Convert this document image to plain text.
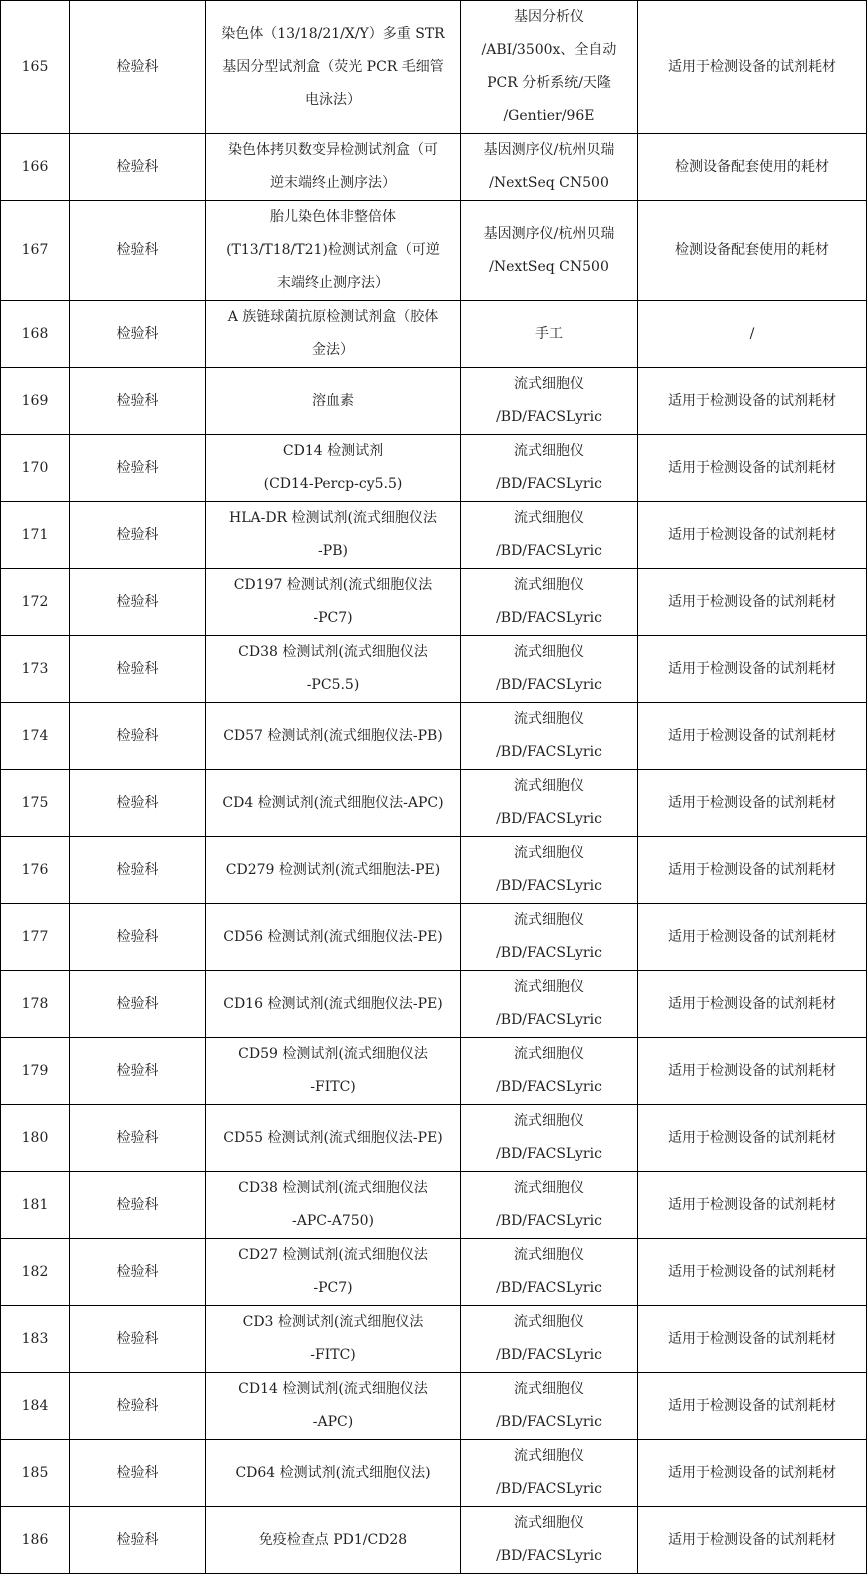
165	检验科	染色体（13/18/21/X/Y）多重 STR
基因分型试剂盒（荧光 PCR 毛细管
电泳法）	基因分析仪
/ABI/3500x、全自动
PCR 分析系统/天隆
/Gentier/96E	适用于检测设备的试剂耗材
166	检验科	染色体拷贝数变异检测试剂盒（可
逆末端终止测序法）	基因测序仪/杭州贝瑞
/NextSeq CN500	检测设备配套使用的耗材
167	检验科	胎儿染色体非整倍体
(T13/T18/T21)检测试剂盒（可逆
末端终止测序法）	基因测序仪/杭州贝瑞
/NextSeq CN500	检测设备配套使用的耗材
168	检验科	A 族链球菌抗原检测试剂盒（胶体
金法）	手工	/
169	检验科	溶血素	流式细胞仪
/BD/FACSLyric	适用于检测设备的试剂耗材
170	检验科	CD14 检测试剂
(CD14-Percp-cy5.5)	流式细胞仪
/BD/FACSLyric	适用于检测设备的试剂耗材
171	检验科	HLA-DR 检测试剂(流式细胞仪法
-PB)	流式细胞仪
/BD/FACSLyric	适用于检测设备的试剂耗材
172	检验科	CD197 检测试剂(流式细胞仪法
-PC7)	流式细胞仪
/BD/FACSLyric	适用于检测设备的试剂耗材
173	检验科	CD38 检测试剂(流式细胞仪法
-PC5.5)	流式细胞仪
/BD/FACSLyric	适用于检测设备的试剂耗材
174	检验科	CD57 检测试剂(流式细胞仪法-PB)	流式细胞仪
/BD/FACSLyric	适用于检测设备的试剂耗材
175	检验科	CD4 检测试剂(流式细胞仪法-APC)	流式细胞仪
/BD/FACSLyric	适用于检测设备的试剂耗材
176	检验科	CD279 检测试剂(流式细胞法-PE)	流式细胞仪
/BD/FACSLyric	适用于检测设备的试剂耗材
177	检验科	CD56 检测试剂(流式细胞仪法-PE)	流式细胞仪
/BD/FACSLyric	适用于检测设备的试剂耗材
178	检验科	CD16 检测试剂(流式细胞仪法-PE)	流式细胞仪
/BD/FACSLyric	适用于检测设备的试剂耗材
179	检验科	CD59 检测试剂(流式细胞仪法
-FITC)	流式细胞仪
/BD/FACSLyric	适用于检测设备的试剂耗材
180	检验科	CD55 检测试剂(流式细胞仪法-PE)	流式细胞仪
/BD/FACSLyric	适用于检测设备的试剂耗材
181	检验科	CD38 检测试剂(流式细胞仪法
-APC-A750)	流式细胞仪
/BD/FACSLyric	适用于检测设备的试剂耗材
182	检验科	CD27 检测试剂(流式细胞仪法
-PC7)	流式细胞仪
/BD/FACSLyric	适用于检测设备的试剂耗材
183	检验科	CD3 检测试剂(流式细胞仪法
-FITC)	流式细胞仪
/BD/FACSLyric	适用于检测设备的试剂耗材
184	检验科	CD14 检测试剂(流式细胞仪法
-APC)	流式细胞仪
/BD/FACSLyric	适用于检测设备的试剂耗材
185	检验科	CD64 检测试剂(流式细胞仪法)	流式细胞仪
/BD/FACSLyric	适用于检测设备的试剂耗材
186	检验科	免疫检查点 PD1/CD28	流式细胞仪
/BD/FACSLyric	适用于检测设备的试剂耗材
